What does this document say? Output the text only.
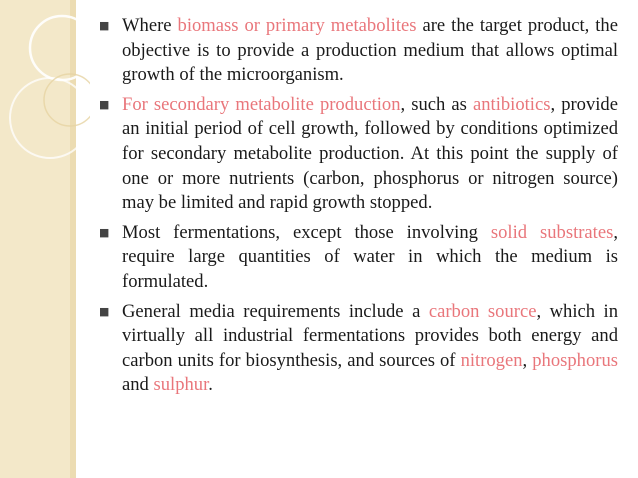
■ Where biomass or primary metabolites are the target product, the objective is to provide a production medium that allows optimal growth of the microorganism.
■ For secondary metabolite production, such as antibiotics, provide an initial period of cell growth, followed by conditions optimized for secondary metabolite production. At this point the supply of one or more nutrients (carbon, phosphorus or nitrogen source) may be limited and rapid growth stopped.
■ Most fermentations, except those involving solid substrates, require large quantities of water in which the medium is formulated.
■ General media requirements include a carbon source, which in virtually all industrial fermentations provides both energy and carbon units for biosynthesis, and sources of nitrogen, phosphorus and sulphur.
